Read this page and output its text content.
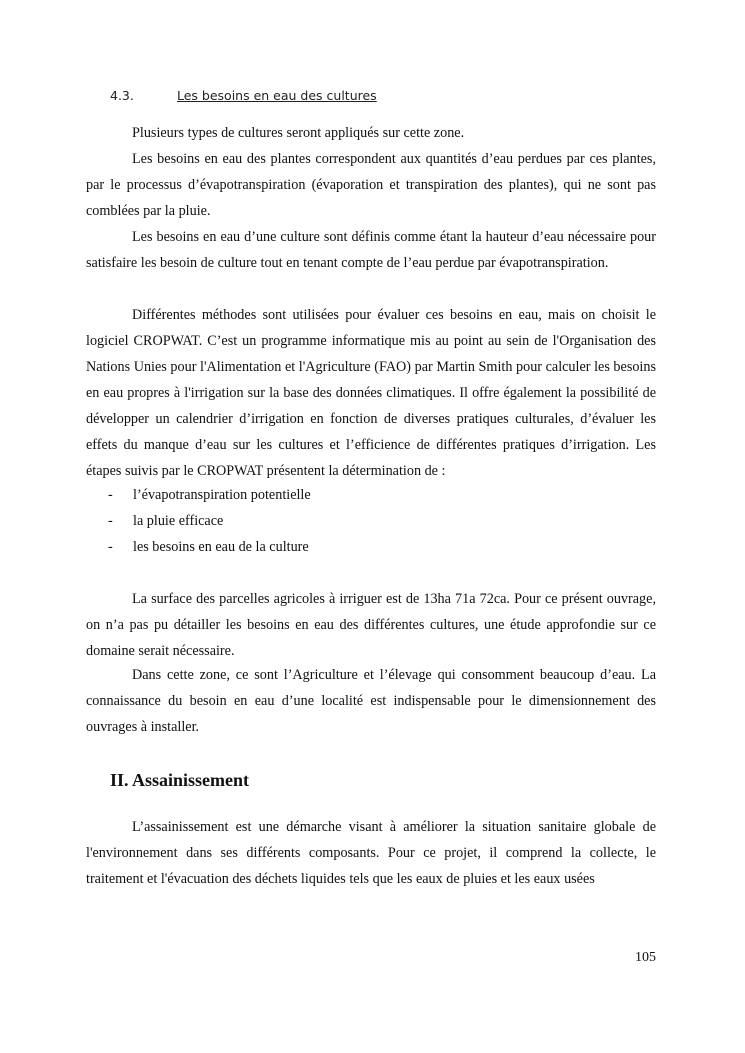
4.3.	Les besoins en eau des cultures

Plusieurs types de cultures seront appliqués sur cette zone.

Les besoins en eau des plantes correspondent aux quantités d’eau perdues par ces plantes, par le processus d’évapotranspiration (évaporation et transpiration des plantes), qui ne sont pas comblées par la pluie.

Les besoins en eau d’une culture sont définis comme étant la hauteur d’eau nécessaire pour satisfaire les besoin de culture tout en tenant compte de l’eau perdue par évapotranspiration.

Différentes méthodes sont utilisées pour évaluer ces besoins en eau, mais on choisit le logiciel CROPWAT. C’est un programme informatique mis au point au sein de l'Organisation des Nations Unies pour l'Alimentation et l'Agriculture (FAO) par Martin Smith pour calculer les besoins en eau propres à l'irrigation sur la base des données climatiques. Il offre également la possibilité de développer un calendrier d’irrigation en fonction de diverses pratiques culturales, d’évaluer les effets du manque d’eau sur les cultures et l’efficience de différentes pratiques d’irrigation. Les étapes suivis par le CROPWAT présentent la détermination de :

- l’évapotranspiration potentielle
- la pluie efficace
- les besoins en eau de la culture

La surface des parcelles agricoles à irriguer est de 13ha 71a 72ca. Pour ce présent ouvrage, on n’a pas pu détailler les besoins en eau des différentes cultures, une étude approfondie sur ce domaine serait nécessaire.

Dans cette zone, ce sont l’Agriculture et l’élevage qui consomment beaucoup d’eau. La connaissance du besoin en eau d’une localité est indispensable pour le dimensionnement des ouvrages à installer.

II. Assainissement

L’assainissement est une démarche visant à améliorer la situation sanitaire globale de l'environnement dans ses différents composants. Pour ce projet, il comprend la collecte, le traitement et l'évacuation des déchets liquides tels que les eaux de pluies et les eaux usées

105
